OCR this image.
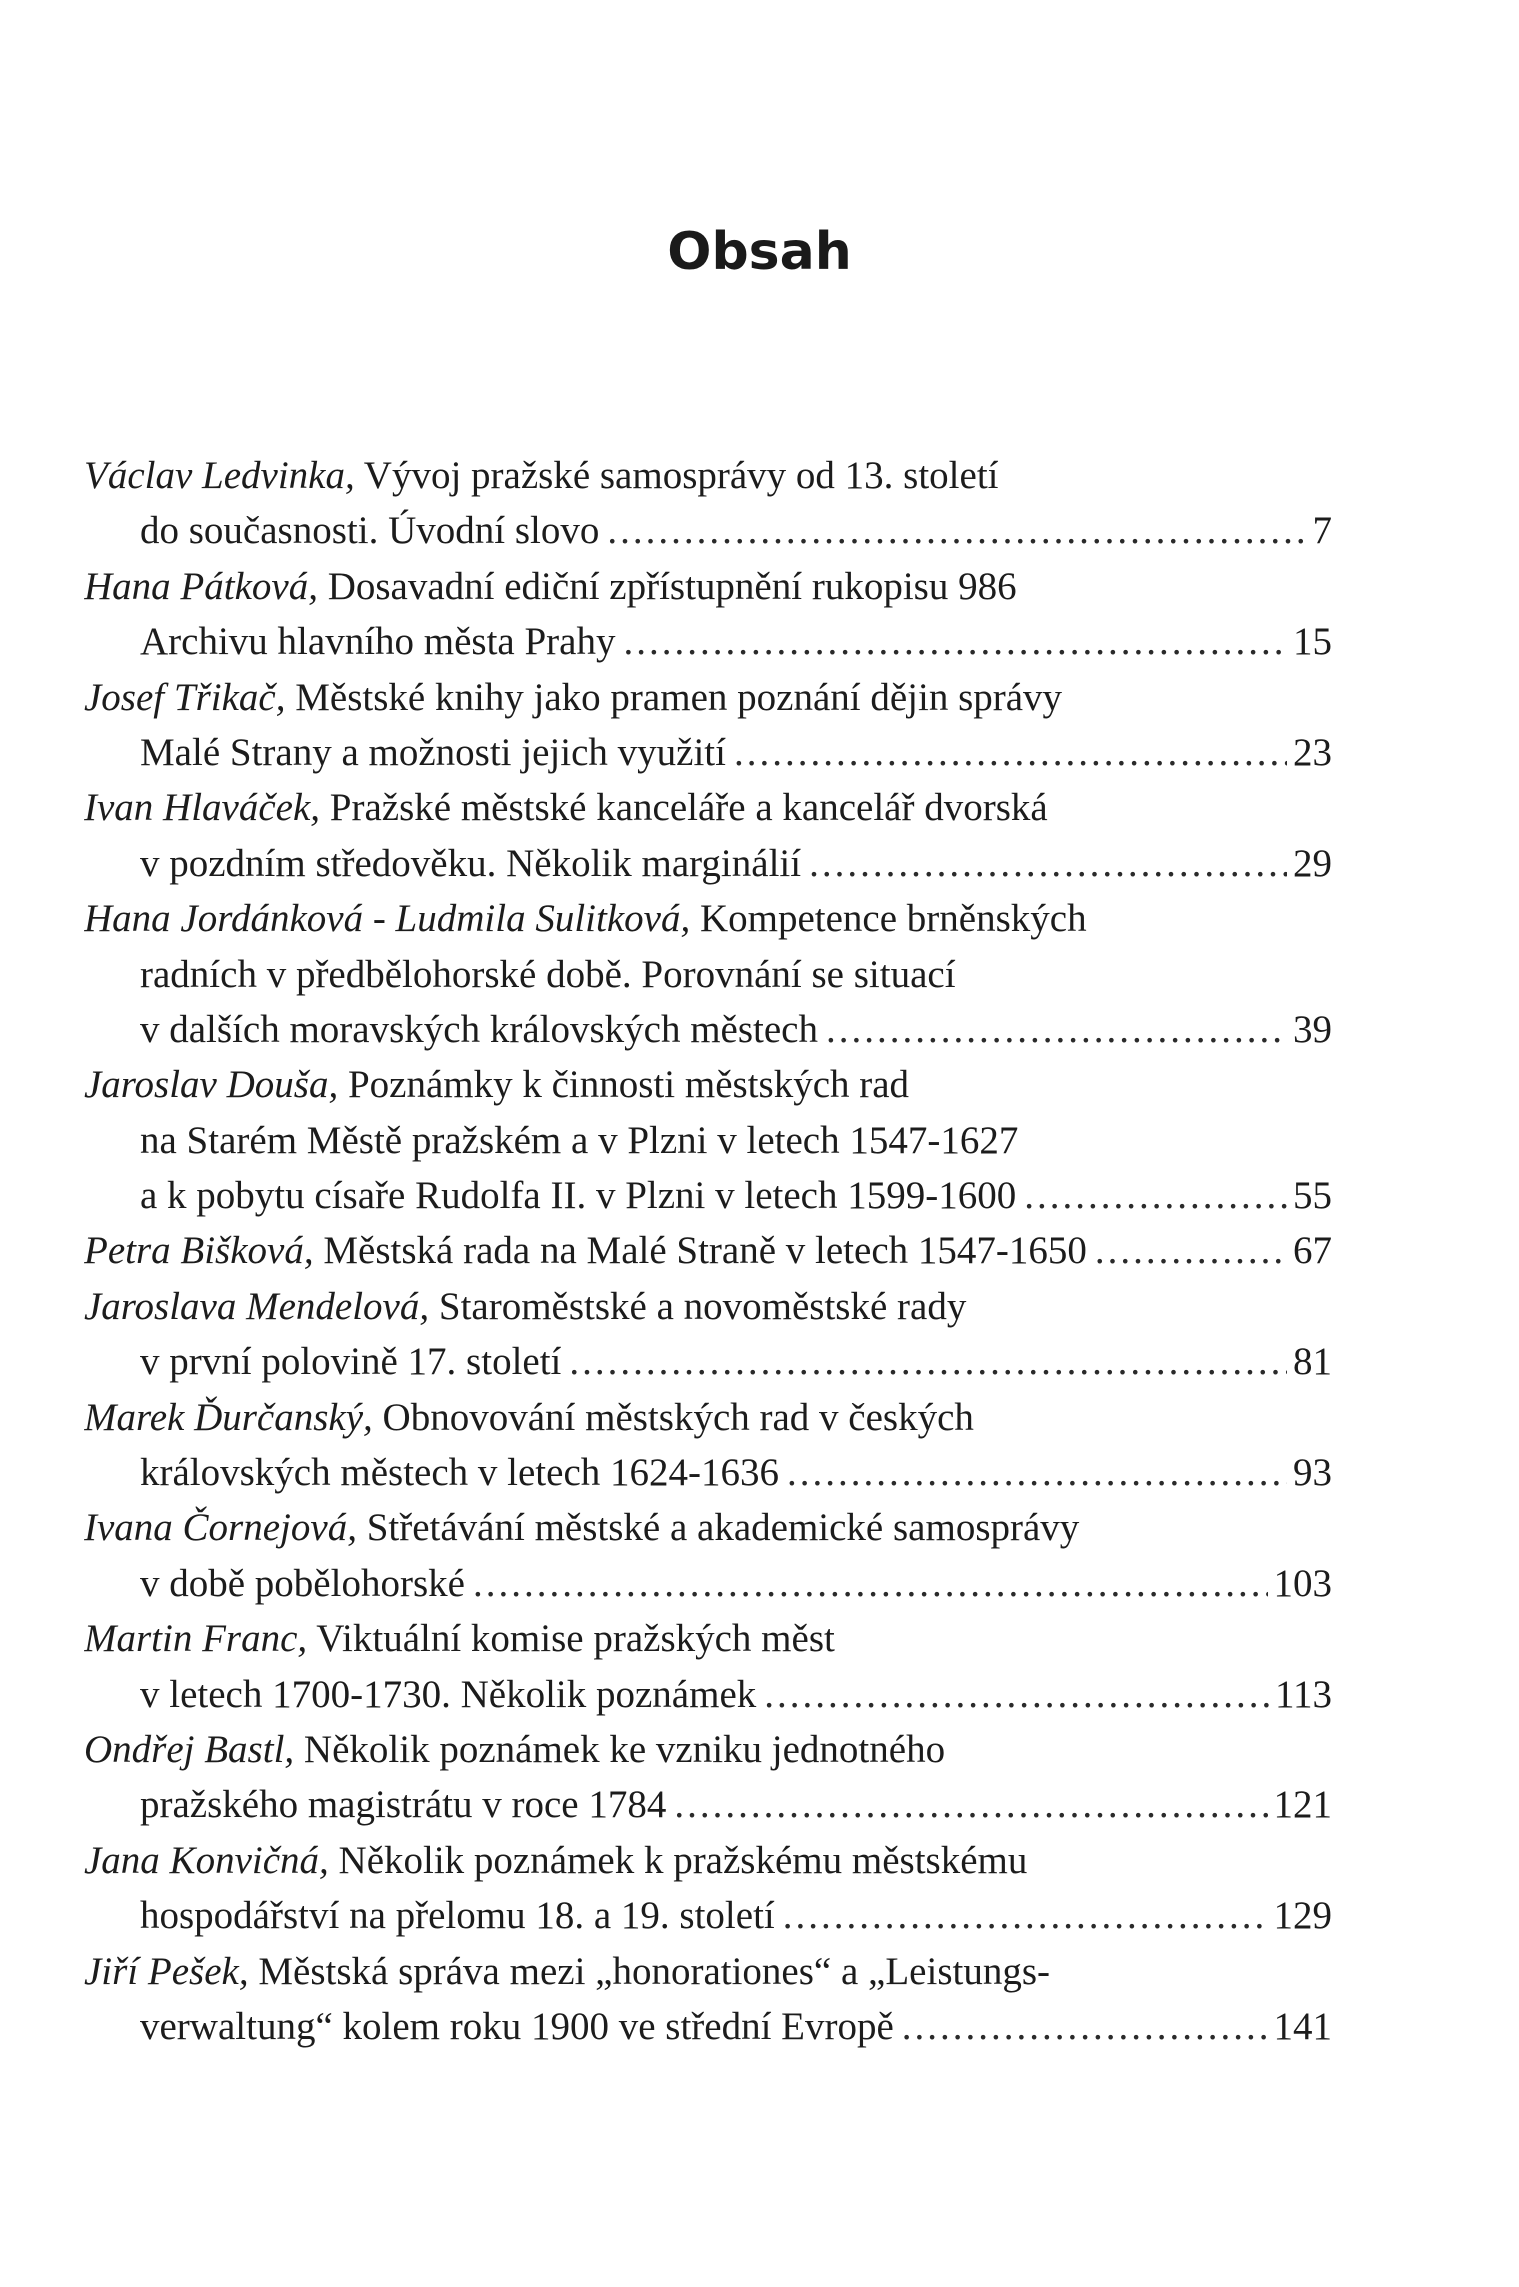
Obsah
Václav Ledvinka, Vývoj pražské samosprávy od 13. století
do současnosti. Úvodní slovo .....	7
Hana Pátková, Dosavadní ediční zpřístupnění rukopisu 986
Archivu hlavního města Prahy .....	15
Josef Třikač, Městské knihy jako pramen poznání dějin správy
Malé Strany a možnosti jejich využití .....	23
Ivan Hlaváček, Pražské městské kanceláře a kancelář dvorská
v pozdním středověku. Několik marginálií .....	29
Hana Jordánková - Ludmila Sulitková, Kompetence brněnských
radních v předbělohorské době. Porovnání se situací
v dalších moravských královských městech .....	39
Jaroslav Douša, Poznámky k činnosti městských rad
na Starém Městě pražském a v Plzni v letech 1547-1627
a k pobytu císaře Rudolfa II. v Plzni v letech 1599-1600 .....	55
Petra Bišková, Městská rada na Malé Straně v letech 1547-1650 .....	67
Jaroslava Mendelová, Staroměstské a novoměstské rady
v první polovině 17. století .....	81
Marek Ďurčanský, Obnovování městských rad v českých
královských městech v letech 1624-1636 .....	93
Ivana Čornejová, Střetávání městské a akademické samosprávy
v době pobělohorské .....	103
Martin Franc, Viktuální komise pražských měst
v letech 1700-1730. Několik poznámek .....	113
Ondřej Bastl, Několik poznámek ke vzniku jednotného
pražského magistrátu v roce 1784 .....	121
Jana Konvičná, Několik poznámek k pražskému městskému
hospodářství na přelomu 18. a 19. století .....	129
Jiří Pešek, Městská správa mezi „honorationes“ a „Leistungs-
verwaltung“ kolem roku 1900 ve střední Evropě .....	141
